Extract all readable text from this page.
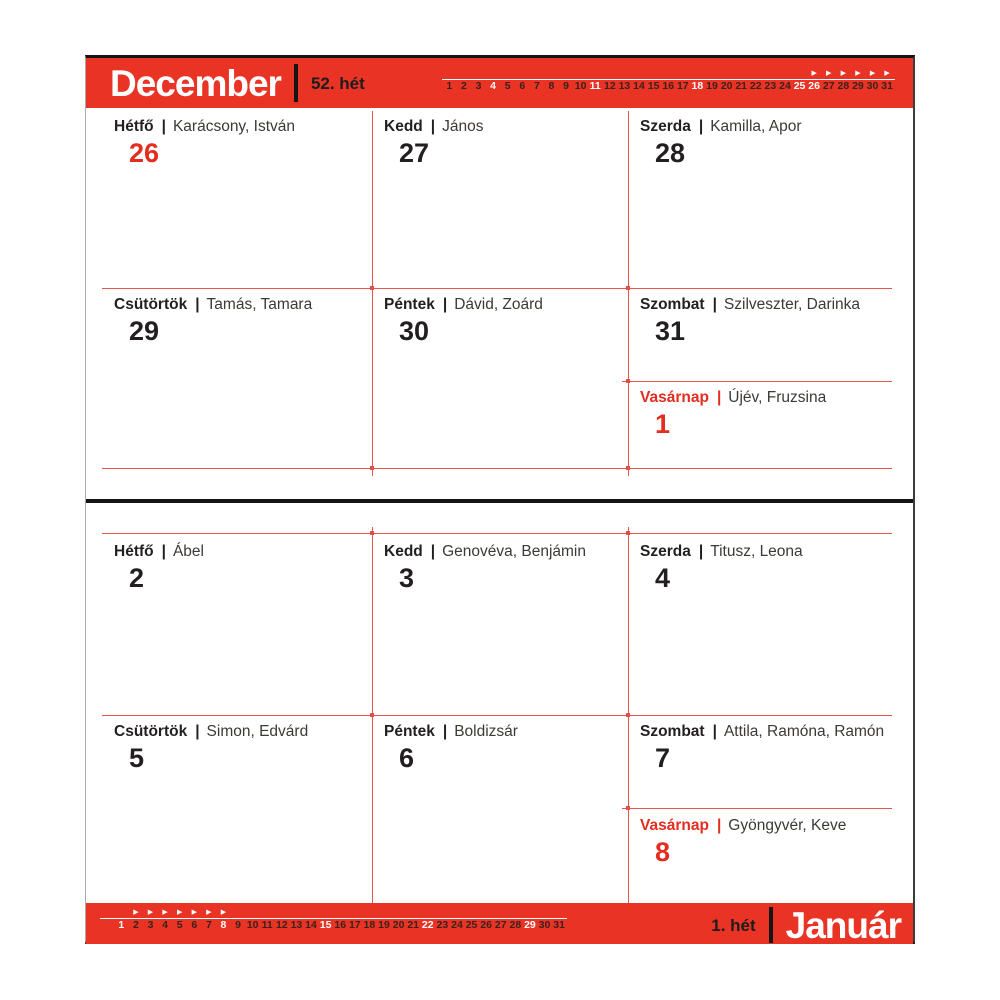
December 52. hét	▶	▶	▶	▶	▶	▶
1 2 3 4 5 6 7 8 9 10 11 12 13 14 15 16 17 18 19 20 21 22 23 24 25 26 27 28 29 30 31
Hétfő | Karácsony, István
26
Kedd | János
27
Szerda | Kamilla, Apor
28
Csütörtök | Tamás, Tamara
29
Péntek | Dávid, Zoárd
30
Szombat | Szilveszter, Darinka
31
Vasárnap | Újév, Fruzsina
1
Hétfő | Ábel
2
Kedd | Genovéva, Benjámin
3
Szerda | Titusz, Leona
4
Csütörtök | Simon, Edvárd
5
Péntek | Boldizsár
6
Szombat | Attila, Ramóna, Ramón
7
Vasárnap | Gyöngyvér, Keve
8
▶	▶	▶	▶	▶	▶	▶
1 2 3 4 5 6 7 8 9 10 11 12 13 14 15 16 17 18 19 20 21 22 23 24 25 26 27 28 29 30 31	1. hét Január
